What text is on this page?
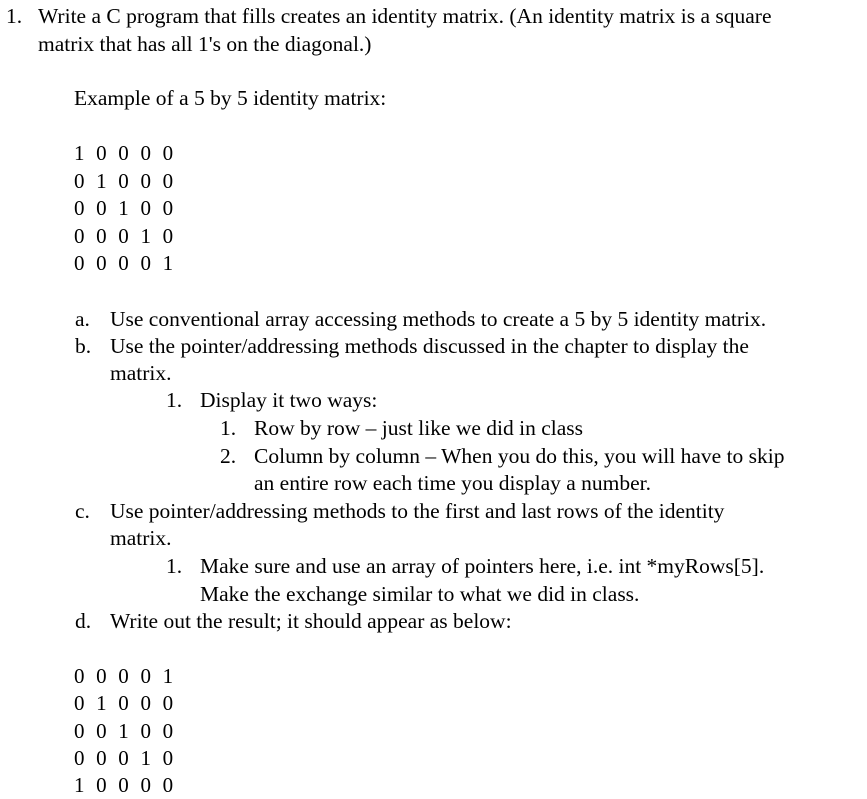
1. Write a C program that fills creates an identity matrix. (An identity matrix is a square
matrix that has all 1's on the diagonal.)
Example of a 5 by 5 identity matrix:
1 0 0 0 0
0 1 0 0 0
0 0 1 0 0
0 0 0 1 0
0 0 0 0 1
a. Use conventional array accessing methods to create a 5 by 5 identity matrix.
b. Use the pointer/addressing methods discussed in the chapter to display the
matrix.
1. Display it two ways:
1. Row by row – just like we did in class
2. Column by column – When you do this, you will have to skip
an entire row each time you display a number.
c. Use pointer/addressing methods to the first and last rows of the identity
matrix.
1. Make sure and use an array of pointers here, i.e. int *myRows[5].
Make the exchange similar to what we did in class.
d. Write out the result; it should appear as below:
0 0 0 0 1
0 1 0 0 0
0 0 1 0 0
0 0 0 1 0
1 0 0 0 0
